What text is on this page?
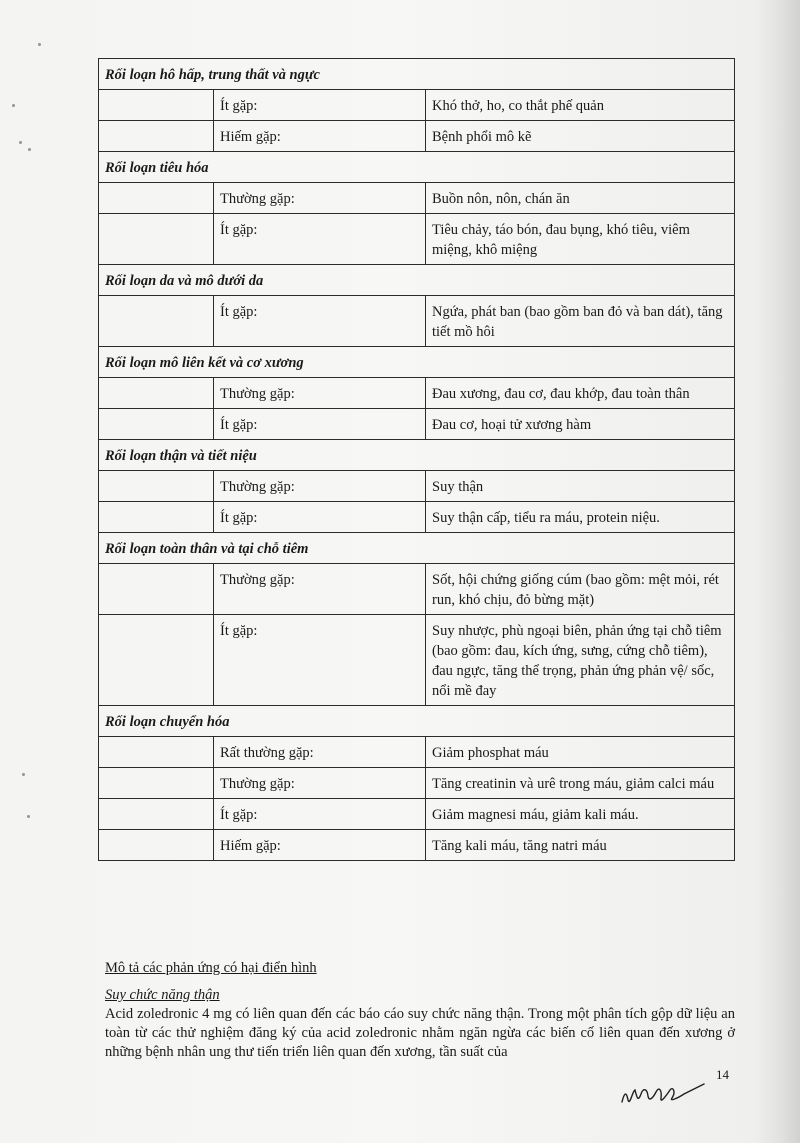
Rối loạn hô hấp, trung thất và ngực		
	Ít gặp:	Khó thở, ho, co thắt phế quản
	Hiếm gặp:	Bệnh phổi mô kẽ
Rối loạn tiêu hóa		
	Thường gặp:	Buồn nôn, nôn, chán ăn
	Ít gặp:	Tiêu chảy, táo bón, đau bụng, khó tiêu, viêm miệng, khô miệng
Rối loạn da và mô dưới da		
	Ít gặp:	Ngứa, phát ban (bao gồm ban đỏ và ban dát), tăng tiết mồ hôi
Rối loạn mô liên kết và cơ xương		
	Thường gặp:	Đau xương, đau cơ, đau khớp, đau toàn thân
	Ít gặp:	Đau cơ, hoại tử xương hàm
Rối loạn thận và tiết niệu		
	Thường gặp:	Suy thận
	Ít gặp:	Suy thận cấp, tiểu ra máu, protein niệu.
Rối loạn toàn thân và tại chỗ tiêm		
	Thường gặp:	Sốt, hội chứng giống cúm (bao gồm: mệt mỏi, rét run, khó chịu, đỏ bừng mặt)
	Ít gặp:	Suy nhược, phù ngoại biên, phản ứng tại chỗ tiêm (bao gồm: đau, kích ứng, sưng, cứng chỗ tiêm), đau ngực, tăng thể trọng, phản ứng phản vệ/ sốc, nổi mề đay
Rối loạn chuyển hóa		
	Rất thường gặp:	Giảm phosphat máu
	Thường gặp:	Tăng creatinin và urê trong máu, giảm calci máu
	Ít gặp:	Giảm magnesi máu, giảm kali máu.
	Hiếm gặp:	Tăng kali máu, tăng natri máu
Mô tả các phản ứng có hại điển hình
Suy chức năng thận
Acid zoledronic 4 mg có liên quan đến các báo cáo suy chức năng thận. Trong một phân tích gộp dữ liệu an toàn từ các thử nghiệm đăng ký của acid zoledronic nhằm ngăn ngừa các biến cố liên quan đến xương ở những bệnh nhân ung thư tiến triển liên quan đến xương, tần suất của
14
